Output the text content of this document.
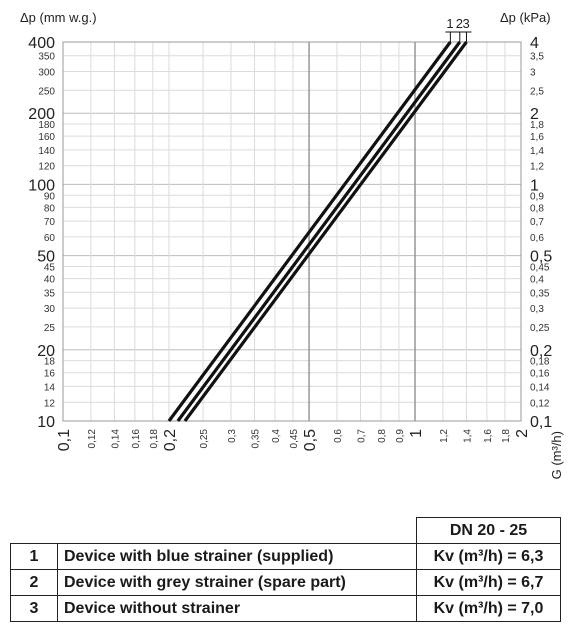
1 2 3
10
12
14
16
18
20
25
30
35
40
45
50
60
70
80
90
100
120
140
160
180
200
250
300
350
400
0,1
0,12
0,14
0,16
0,18
0,2
0,25
0,3
0,35
0,4
0,45
0,5
0,6
0,7
0,8
0,9
1
1,2
1,4
1,6
1,8
2
2,5
3
3,5
4
0,1 0,12 0,14 0,16 0,18 0,2 0,25 0,3 0,35 0,4 0,45 0,5 0,6 0,7 0,8 0,9 1 1,2 1,4 1,6 1,8 2
Δp (mm w.g.)	Δp (kPa)
G (m³/h)
		DN 20 - 25
1	Device with blue strainer (supplied)	Kv (m³/h) = 6,3
2	Device with grey strainer (spare part)	Kv (m³/h) = 6,7
3	Device without strainer	Kv (m³/h) = 7,0
